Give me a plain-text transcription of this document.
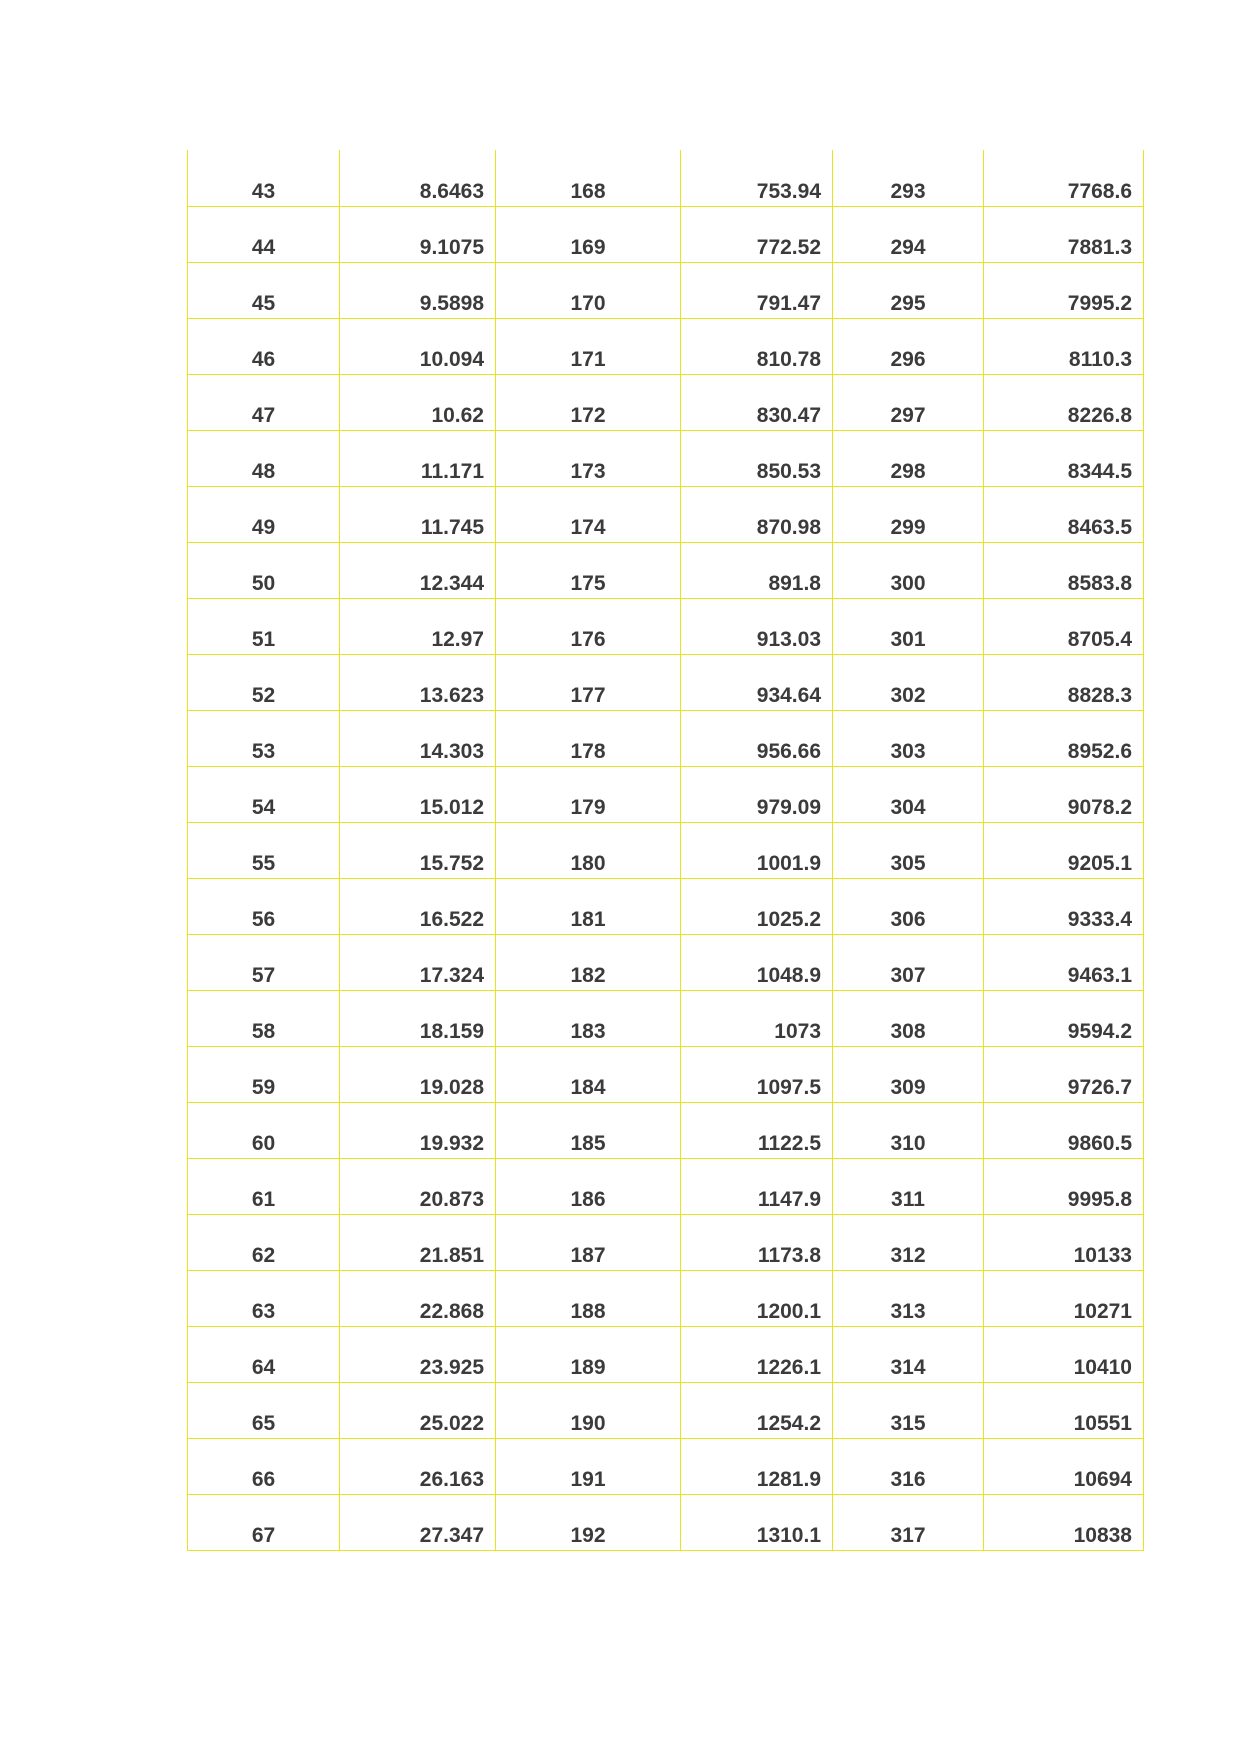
43	8.6463	168	753.94	293	7768.6
44	9.1075	169	772.52	294	7881.3
45	9.5898	170	791.47	295	7995.2
46	10.094	171	810.78	296	8110.3
47	10.62	172	830.47	297	8226.8
48	11.171	173	850.53	298	8344.5
49	11.745	174	870.98	299	8463.5
50	12.344	175	891.8	300	8583.8
51	12.97	176	913.03	301	8705.4
52	13.623	177	934.64	302	8828.3
53	14.303	178	956.66	303	8952.6
54	15.012	179	979.09	304	9078.2
55	15.752	180	1001.9	305	9205.1
56	16.522	181	1025.2	306	9333.4
57	17.324	182	1048.9	307	9463.1
58	18.159	183	1073	308	9594.2
59	19.028	184	1097.5	309	9726.7
60	19.932	185	1122.5	310	9860.5
61	20.873	186	1147.9	311	9995.8
62	21.851	187	1173.8	312	10133
63	22.868	188	1200.1	313	10271
64	23.925	189	1226.1	314	10410
65	25.022	190	1254.2	315	10551
66	26.163	191	1281.9	316	10694
67	27.347	192	1310.1	317	10838
